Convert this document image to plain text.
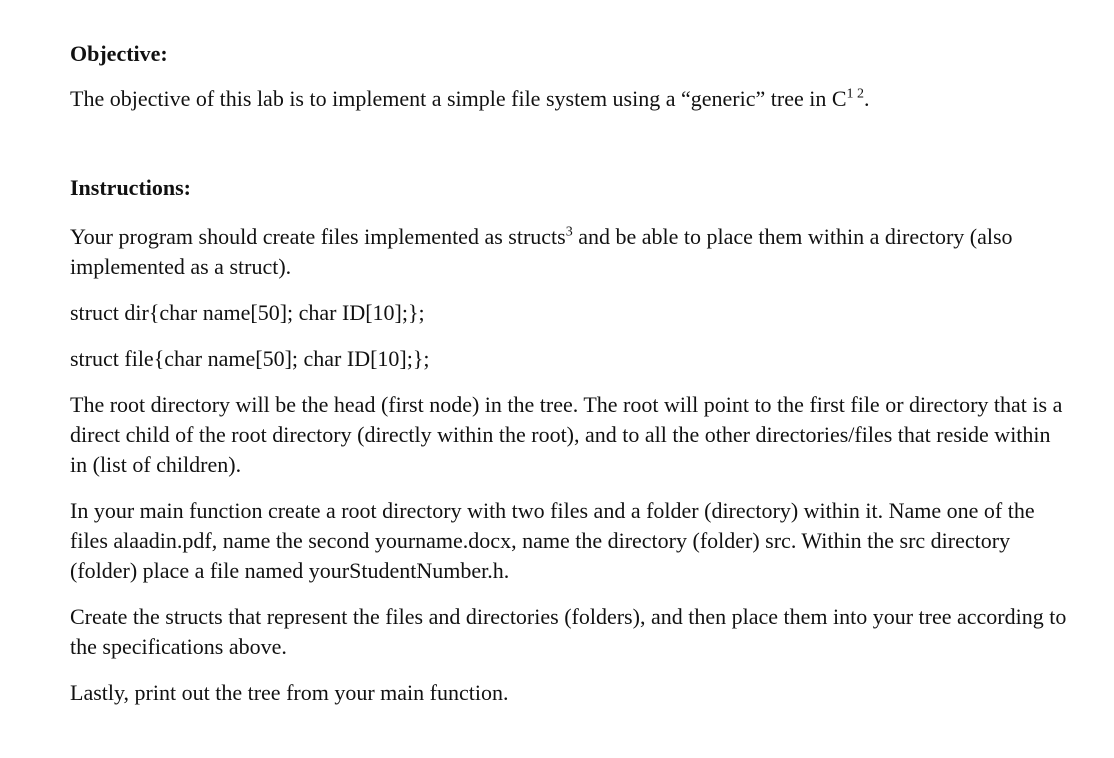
Objective:

The objective of this lab is to implement a simple file system using a “generic” tree in $C^{1 2}$.

Instructions:

Your program should create files implemented as structs$^3$ and be able to place them within a directory (also implemented as a struct).

struct dir{char name[50]; char ID[10];};

struct file{char name[50]; char ID[10];};

The root directory will be the head (first node) in the tree. The root will point to the first file or directory that is a direct child of the root directory (directly within the root), and to all the other directories/files that reside within in (list of children).

In your main function create a root directory with two files and a folder (directory) within it. Name one of the files alaadin.pdf, name the second yourname.docx, name the directory (folder) src. Within the src directory (folder) place a file named yourStudentNumber.h.

Create the structs that represent the files and directories (folders), and then place them into your tree according to the specifications above.

Lastly, print out the tree from your main function.
